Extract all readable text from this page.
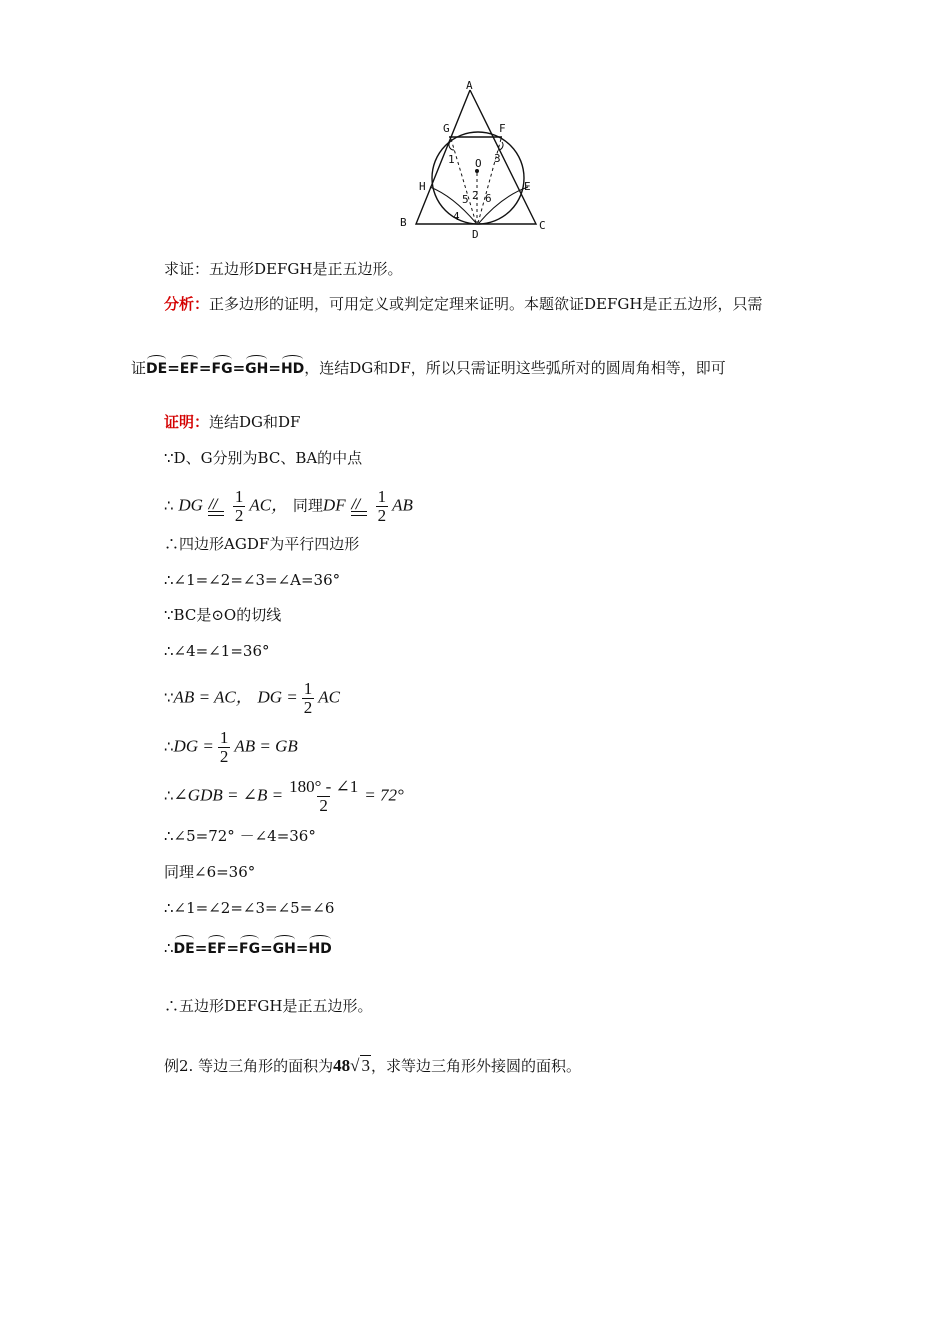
A
G	F
O
1	3
H	E
5 2 6
4
B	C
D
求证：五边形DEFGH是正五边形。
分析：正多边形的证明，可用定义或判定定理来证明。本题欲证DEFGH是正五边形，只需
证DE=EF=FG=GH=HD，连结DG和DF，所以只需证明这些弧所对的圆周角相等，即可
证明：连结DG和DF
∵D、G分别为BC、BA的中点
∴ $DG// \frac{1}{2}$ AC， 同理$DF// \frac{1}{2}$ AB
∴四边形AGDF为平行四边形
∴∠1=∠2=∠3=∠A=36°
∵BC是⊙O的切线
∴∠4=∠1=36°
∵AB = AC， DG = $\frac{1}{2}$ AC
∴DG = $\frac{1}{2}$ AB = GB
∴∠GDB = ∠B = $\frac{180^\circ - \angle 1}{2} = 72^\circ$
∴∠5=72° －∠4=36°
同理∠6=36°
∴∠1=∠2=∠3=∠5=∠6
∴DE=EF=FG=GH=HD
∴五边形DEFGH是正五边形。
例2. 等边三角形的面积为48√ 3，求等边三角形外接圆的面积。
